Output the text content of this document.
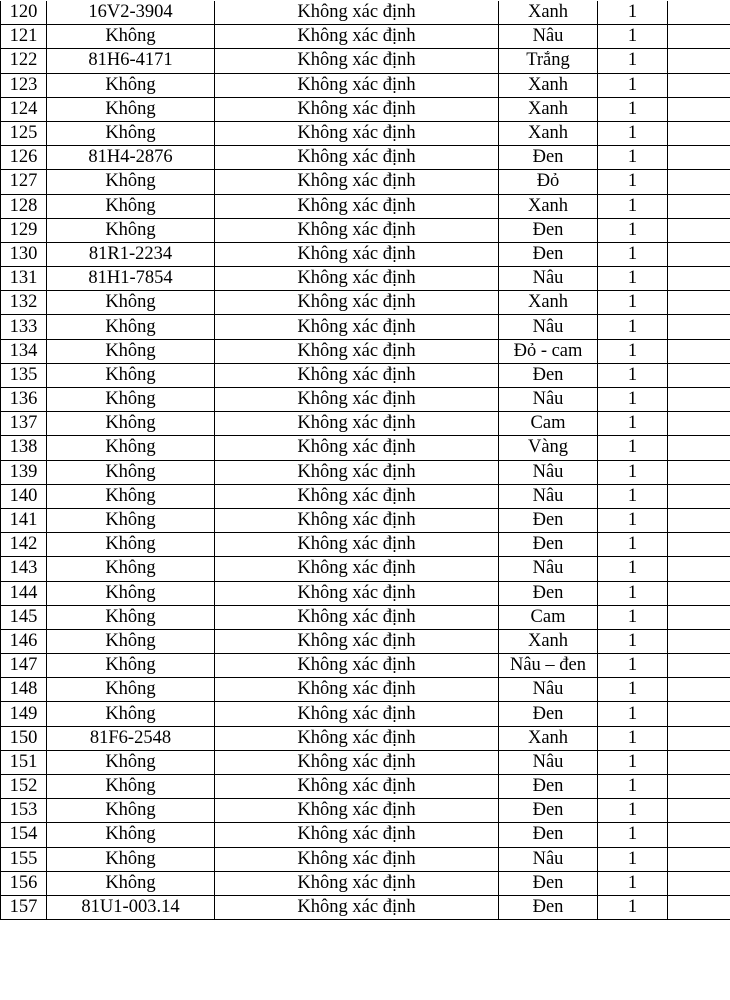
120	16V2-3904	Không xác định	Xanh	1	
121	Không	Không xác định	Nâu	1	
122	81H6-4171	Không xác định	Trắng	1	
123	Không	Không xác định	Xanh	1	
124	Không	Không xác định	Xanh	1	
125	Không	Không xác định	Xanh	1	
126	81H4-2876	Không xác định	Đen	1	
127	Không	Không xác định	Đỏ	1	
128	Không	Không xác định	Xanh	1	
129	Không	Không xác định	Đen	1	
130	81R1-2234	Không xác định	Đen	1	
131	81H1-7854	Không xác định	Nâu	1	
132	Không	Không xác định	Xanh	1	
133	Không	Không xác định	Nâu	1	
134	Không	Không xác định	Đỏ - cam	1	
135	Không	Không xác định	Đen	1	
136	Không	Không xác định	Nâu	1	
137	Không	Không xác định	Cam	1	
138	Không	Không xác định	Vàng	1	
139	Không	Không xác định	Nâu	1	
140	Không	Không xác định	Nâu	1	
141	Không	Không xác định	Đen	1	
142	Không	Không xác định	Đen	1	
143	Không	Không xác định	Nâu	1	
144	Không	Không xác định	Đen	1	
145	Không	Không xác định	Cam	1	
146	Không	Không xác định	Xanh	1	
147	Không	Không xác định	Nâu – đen	1	
148	Không	Không xác định	Nâu	1	
149	Không	Không xác định	Đen	1	
150	81F6-2548	Không xác định	Xanh	1	
151	Không	Không xác định	Nâu	1	
152	Không	Không xác định	Đen	1	
153	Không	Không xác định	Đen	1	
154	Không	Không xác định	Đen	1	
155	Không	Không xác định	Nâu	1	
156	Không	Không xác định	Đen	1	
157	81U1-003.14	Không xác định	Đen	1	
